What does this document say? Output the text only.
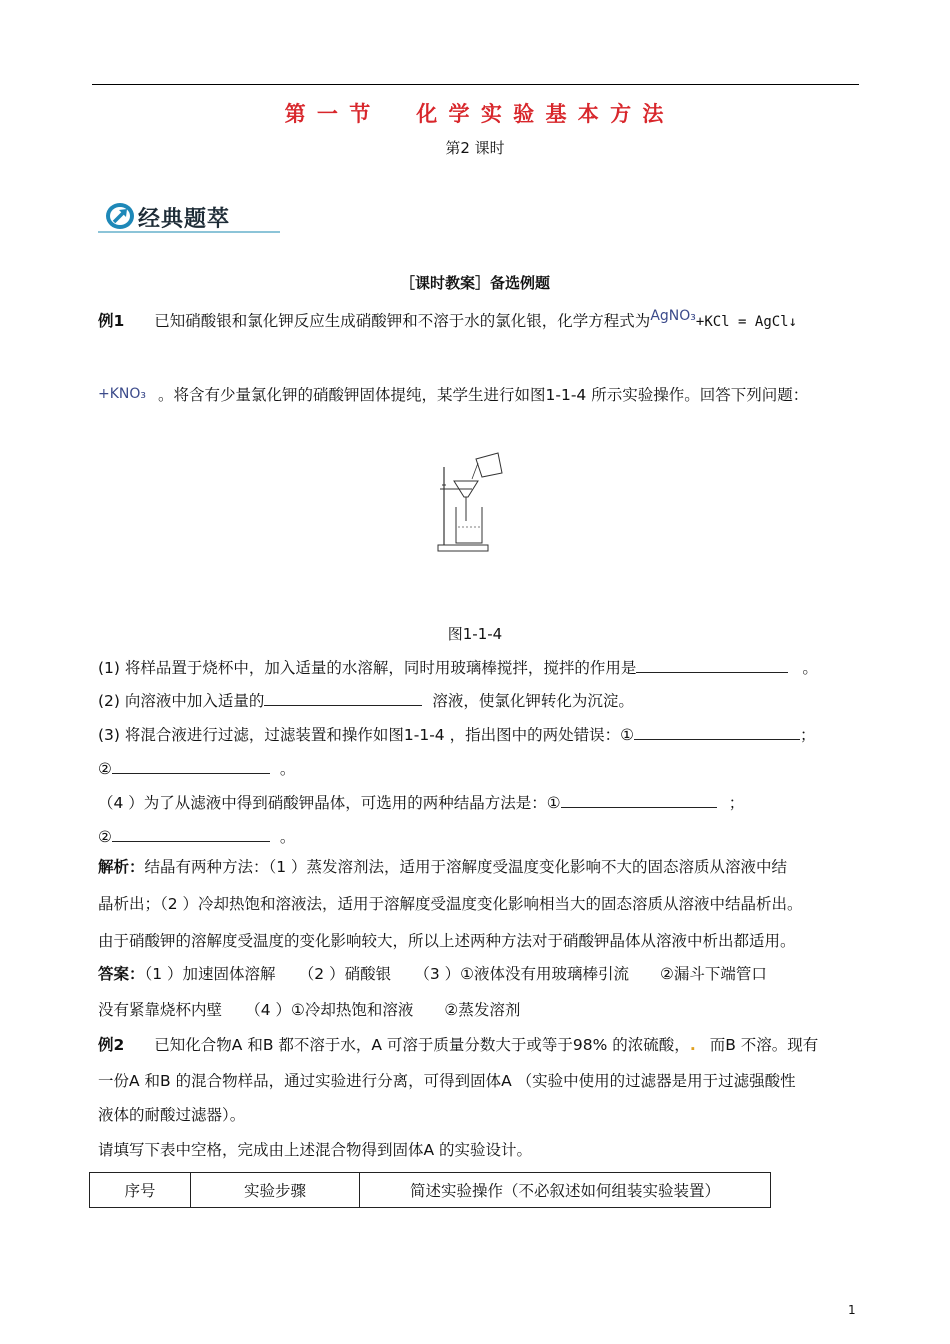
第 一 节 化 学 实 验 基 本 方 法
第2 课时
经典题萃
［课时教案］备选例题
例1 已知硝酸银和氯化钾反应生成硝酸钾和不溶于水的氯化银，化学方程式为AgNO₃+KCl = AgCl↓
+KNO₃ 。将含有少量氯化钾的硝酸钾固体提纯，某学生进行如图1-1-4 所示实验操作。回答下列问题：
图1-1-4
(1) 将样品置于烧杯中，加入适量的水溶解，同时用玻璃棒搅拌，搅拌的作用是	。
(2) 向溶液中加入适量的	溶液，使氯化钾转化为沉淀。
(3) 将混合液进行过滤，过滤装置和操作如图1-1-4 ，指出图中的两处错误：①	；
②	。
（4 ）为了从滤液中得到硝酸钾晶体，可选用的两种结晶方法是：①	；
②	。
解析：结晶有两种方法：（1 ）蒸发溶剂法，适用于溶解度受温度变化影响不大的固态溶质从溶液中结
晶析出；（2 ）冷却热饱和溶液法，适用于溶解度受温度变化影响相当大的固态溶质从溶液中结晶析出。
由于硝酸钾的溶解度受温度的变化影响较大，所以上述两种方法对于硝酸钾晶体从溶液中析出都适用。
答案：（1 ）加速固体溶解　　（2 ）硝酸银　　（3 ）①液体没有用玻璃棒引流　　②漏斗下端管口
没有紧靠烧杯内壁　　（4 ）①冷却热饱和溶液　　②蒸发溶剂
例2 已知化合物A 和B 都不溶于水，A 可溶于质量分数大于或等于98% 的浓硫酸，. 而B 不溶。现有
一份A 和B 的混合物样品，通过实验进行分离，可得到固体A （实验中使用的过滤器是用于过滤强酸性
液体的耐酸过滤器）。
请填写下表中空格，完成由上述混合物得到固体A 的实验设计。
序号	实验步骤	简述实验操作（不必叙述如何组装实验装置）
1
